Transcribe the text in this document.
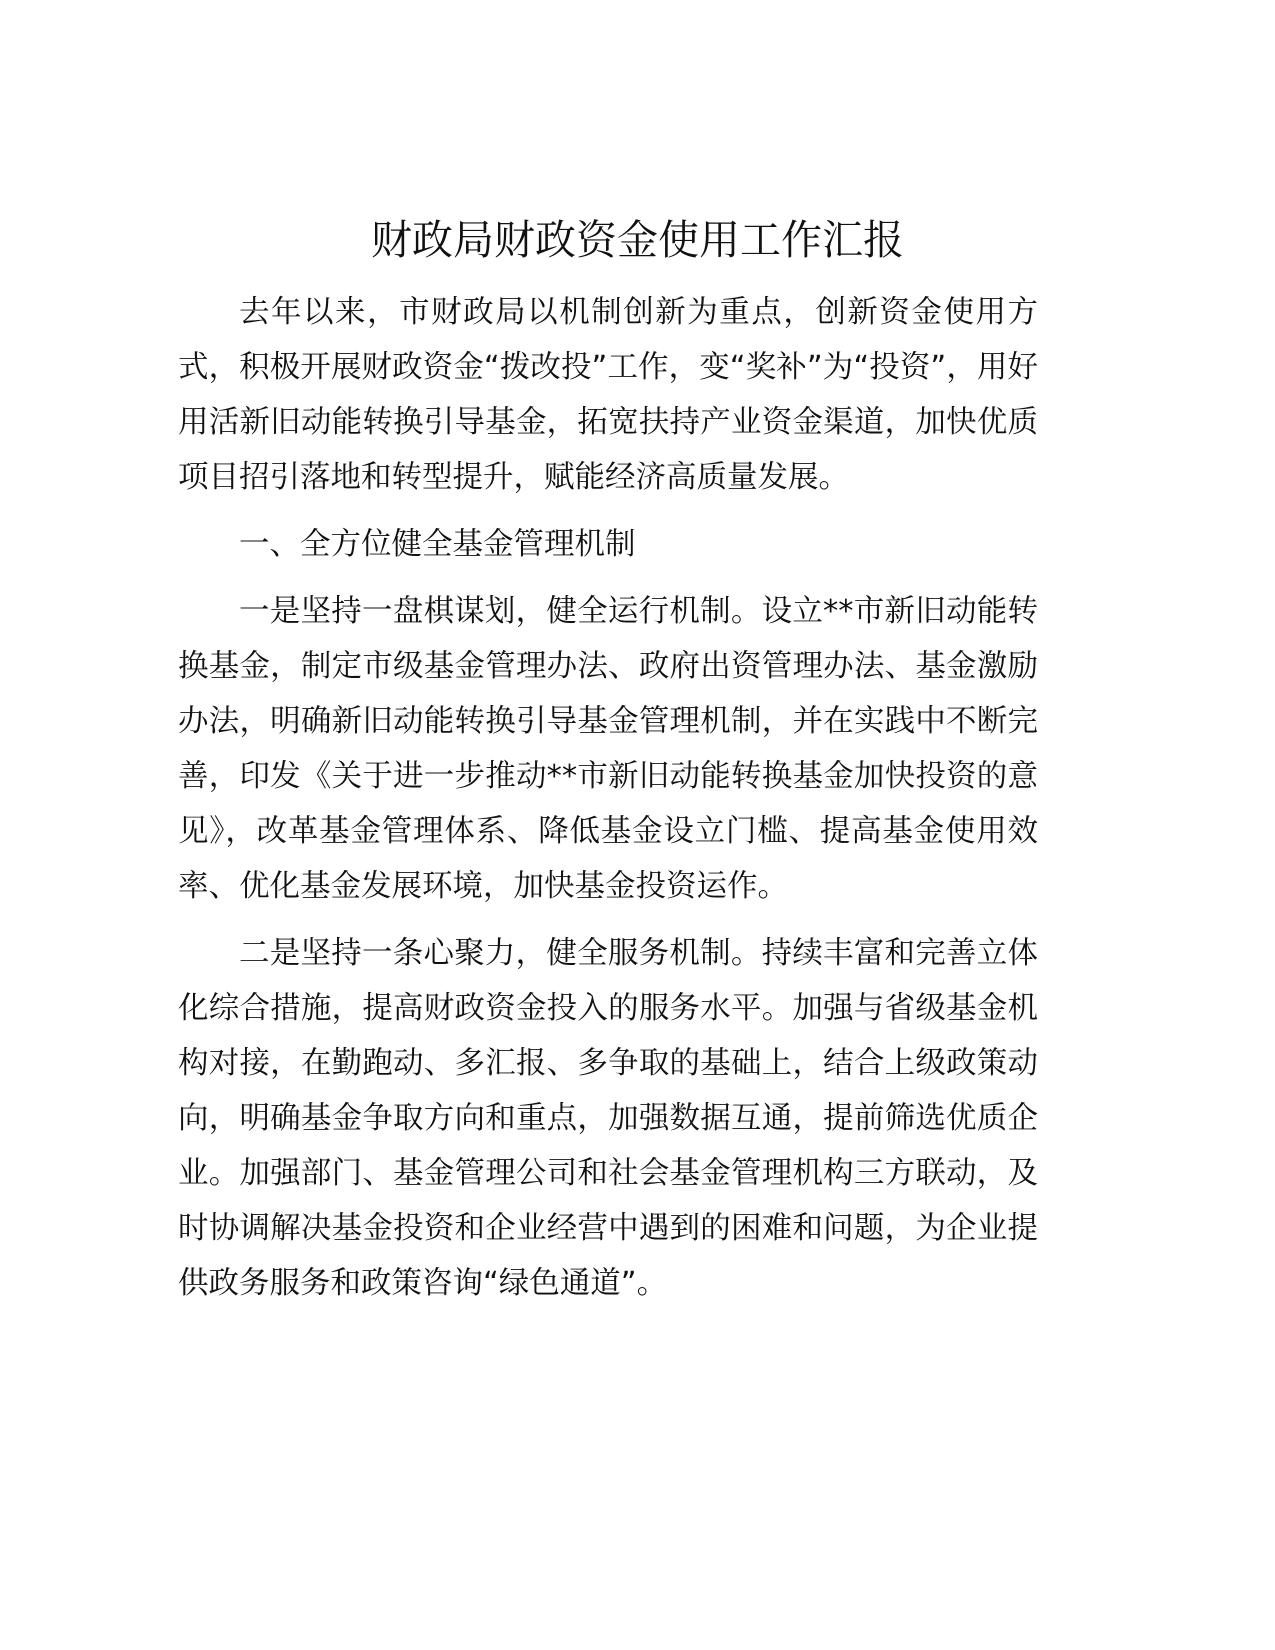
财政局财政资金使用工作汇报

去年以来，市财政局以机制创新为重点，创新资金使用方式，积极开展财政资金“拨改投”工作，变“奖补”为“投资”，用好用活新旧动能转换引导基金，拓宽扶持产业资金渠道，加快优质项目招引落地和转型提升，赋能经济高质量发展。

一、全方位健全基金管理机制

一是坚持一盘棋谋划，健全运行机制。设立**市新旧动能转换基金，制定市级基金管理办法、政府出资管理办法、基金激励办法，明确新旧动能转换引导基金管理机制，并在实践中不断完善，印发《关于进一步推动**市新旧动能转换基金加快投资的意见》，改革基金管理体系、降低基金设立门槛、提高基金使用效率、优化基金发展环境，加快基金投资运作。

二是坚持一条心聚力，健全服务机制。持续丰富和完善立体化综合措施，提高财政资金投入的服务水平。加强与省级基金机构对接，在勤跑动、多汇报、多争取的基础上，结合上级政策动向，明确基金争取方向和重点，加强数据互通，提前筛选优质企业。加强部门、基金管理公司和社会基金管理机构三方联动，及时协调解决基金投资和企业经营中遇到的困难和问题，为企业提供政务服务和政策咨询“绿色通道”。
